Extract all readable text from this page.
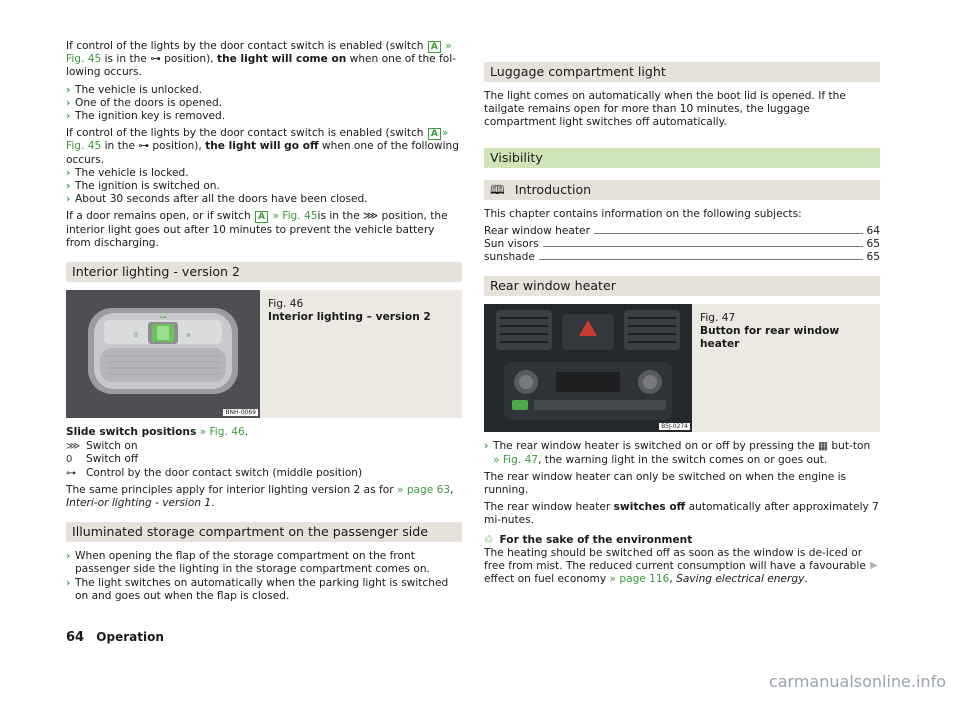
If control of the lights by the door contact switch is enabled (switch A » Fig. 45 is in the ⊶ position), the light will come on when one of the fol-lowing occurs.

› The vehicle is unlocked.

› One of the doors is opened.

› The ignition key is removed.

If control of the lights by the door contact switch is enabled (switch A » Fig. 45 in the ⊶ position), the light will go off when one of the following occurs.

› The vehicle is locked.

› The ignition is switched on.

› About 30 seconds after all the doors have been closed.

If a door remains open, or if switch A » Fig. 45is in the ⋙ position, the interior light goes out after 10 minutes to prevent the vehicle battery from discharging.

Interior lighting - version 2
0	≋
⊶
BNH-0069
Fig. 46
Interior lighting – version 2

Slide switch positions » Fig. 46.

⋙ Switch on
0	Switch off
⊶ Control by the door contact switch (middle position)

The same principles apply for interior lighting version 2 as for » page 63, Interi-or lighting - version 1.

Illuminated storage compartment on the passenger side

› When opening the flap of the storage compartment on the front passenger side the lighting in the storage compartment comes on.

› The light switches on automatically when the parking light is switched on and goes out when the flap is closed.

Luggage compartment light

The light comes on automatically when the boot lid is opened. If the tailgate remains open for more than 10 minutes, the luggage compartment light switches off automatically.

Visibility
🕮 Introduction

This chapter contains information on the following subjects:

Rear window heater	64
Sun visors	65
sunshade	65
Rear window heater
B5J-0274
Fig. 47
Button for rear window heater

› The rear window heater is switched on or off by pressing the ▦ but-ton » Fig. 47, the warning light in the switch comes on or goes out.

The rear window heater can only be switched on when the engine is running.

The rear window heater switches off automatically after approximately 7 mi-nutes.

♲ For the sake of the environment

The heating should be switched off as soon as the window is de-iced or free from mist. The reduced current consumption will have a favourable effect on fuel economy » page 116, Saving electrical energy.

▶
64 Operation
carmanualsonline.info
